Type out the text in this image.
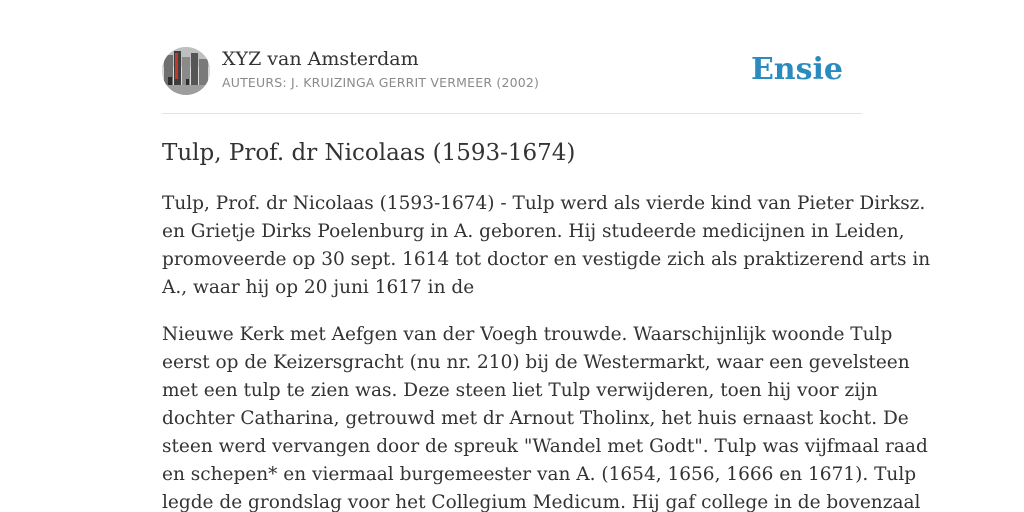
XYZ van Amsterdam
AUTEURS: J. KRUIZINGA GERRIT VERMEER (2002)	Ensie
Tulp, Prof. dr Nicolaas (1593-1674)

Tulp, Prof. dr Nicolaas (1593-1674) - Tulp werd als vierde kind van Pieter Dirksz.
en Grietje Dirks Poelenburg in A. geboren. Hij studeerde medicijnen in Leiden,
promoveerde op 30 sept. 1614 tot doctor en vestigde zich als praktizerend arts in
A., waar hij op 20 juni 1617 in de

Nieuwe Kerk met Aefgen van der Voegh trouwde. Waarschijnlijk woonde Tulp
eerst op de Keizersgracht (nu nr. 210) bij de Westermarkt, waar een gevelsteen
met een tulp te zien was. Deze steen liet Tulp verwijderen, toen hij voor zijn
dochter Catharina, getrouwd met dr Arnout Tholinx, het huis ernaast kocht. De
steen werd vervangen door de spreuk "Wandel met Godt". Tulp was vijfmaal raad
en schepen* en viermaal burgemeester van A. (1654, 1656, 1666 en 1671). Tulp
legde de grondslag voor het Collegium Medicum. Hij gaf college in de bovenzaal
